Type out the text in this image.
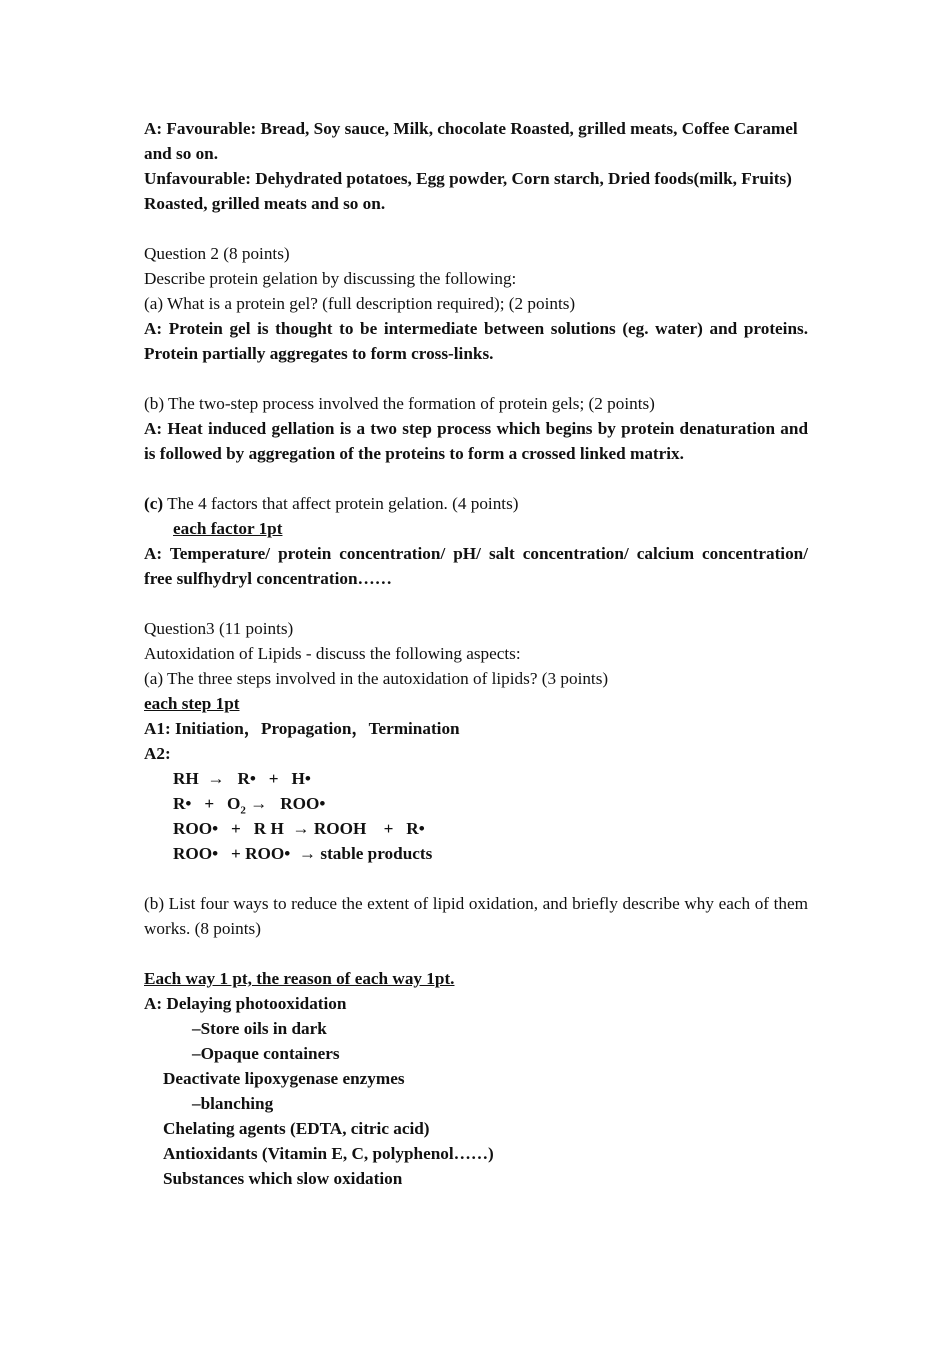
A: Favourable: Bread, Soy sauce, Milk, chocolate Roasted, grilled meats, Coffee Caramel and so on.

Unfavourable: Dehydrated potatoes, Egg powder, Corn starch, Dried foods(milk, Fruits) Roasted, grilled meats and so on.

Question 2 (8 points)

Describe protein gelation by discussing the following:

(a) What is a protein gel? (full description required); (2 points)

A: Protein gel is thought to be intermediate between solutions (eg. water) and proteins. Protein partially aggregates to form cross-links.

(b) The two-step process involved the formation of protein gels; (2 points)

A: Heat induced gellation is a two step process which begins by protein denaturation and is followed by aggregation of the proteins to form a crossed linked matrix.

(c) The 4 factors that affect protein gelation. (4 points)

each factor 1pt

A: Temperature/ protein concentration/ pH/ salt concentration/ calcium concentration/ free sulfhydryl concentration……

Question3 (11 points)

Autoxidation of Lipids - discuss the following aspects:

(a) The three steps involved in the autoxidation of lipids? (3 points)

each step 1pt

A1: Initiation，Propagation，Termination

A2:

RH  →   R•   +   H•
R•   +   $O_2$ →   ROO•
ROO•   +   R H  → ROOH    +   R•
ROO•   + ROO•  → stable products

(b) List four ways to reduce the extent of lipid oxidation, and briefly describe why each of them works. (8 points)

Each way 1 pt, the reason of each way 1pt.

A: Delaying photooxidation

–Store oils in dark

–Opaque containers

Deactivate lipoxygenase enzymes

–blanching

Chelating agents (EDTA, citric acid)

Antioxidants (Vitamin E, C, polyphenol……)

Substances which slow oxidation
